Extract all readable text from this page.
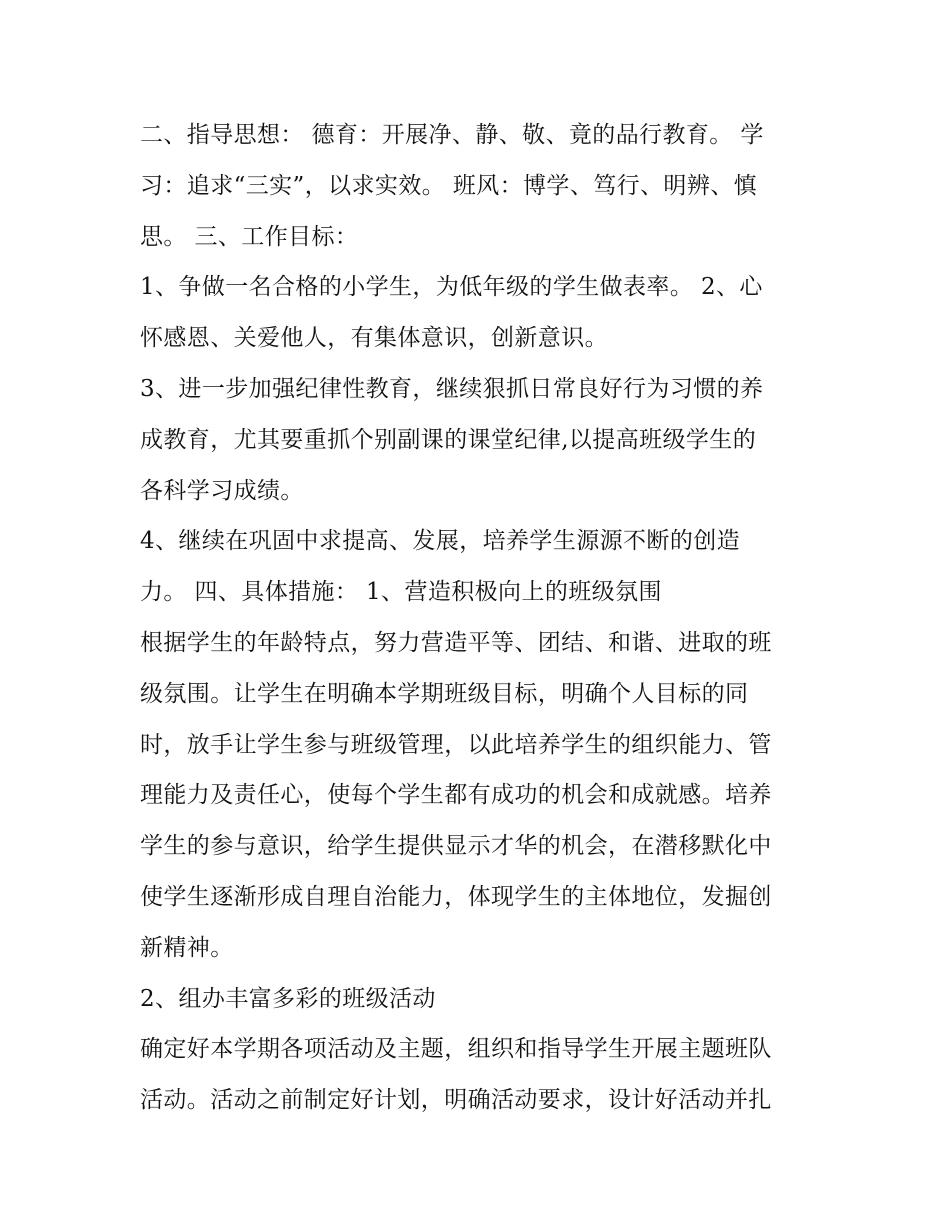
二、指导思想： 德育：开展净、静、敬、竟的品行教育。 学
习：追求“三实”，以求实效。 班风：博学、笃行、明辨、慎
思。 三、工作目标：
1、争做一名合格的小学生，为低年级的学生做表率。 2、心
怀感恩、关爱他人，有集体意识，创新意识。
3、进一步加强纪律性教育，继续狠抓日常良好行为习惯的养
成教育，尤其要重抓个别副课的课堂纪律,以提高班级学生的
各科学习成绩。
4、继续在巩固中求提高、发展，培养学生源源不断的创造
力。 四、具体措施： 1、营造积极向上的班级氛围
根据学生的年龄特点，努力营造平等、团结、和谐、进取的班
级氛围。让学生在明确本学期班级目标，明确个人目标的同
时，放手让学生参与班级管理，以此培养学生的组织能力、管
理能力及责任心，使每个学生都有成功的机会和成就感。培养
学生的参与意识，给学生提供显示才华的机会，在潜移默化中
使学生逐渐形成自理自治能力，体现学生的主体地位，发掘创
新精神。
2、组办丰富多彩的班级活动
确定好本学期各项活动及主题，组织和指导学生开展主题班队
活动。活动之前制定好计划，明确活动要求，设计好活动并扎
